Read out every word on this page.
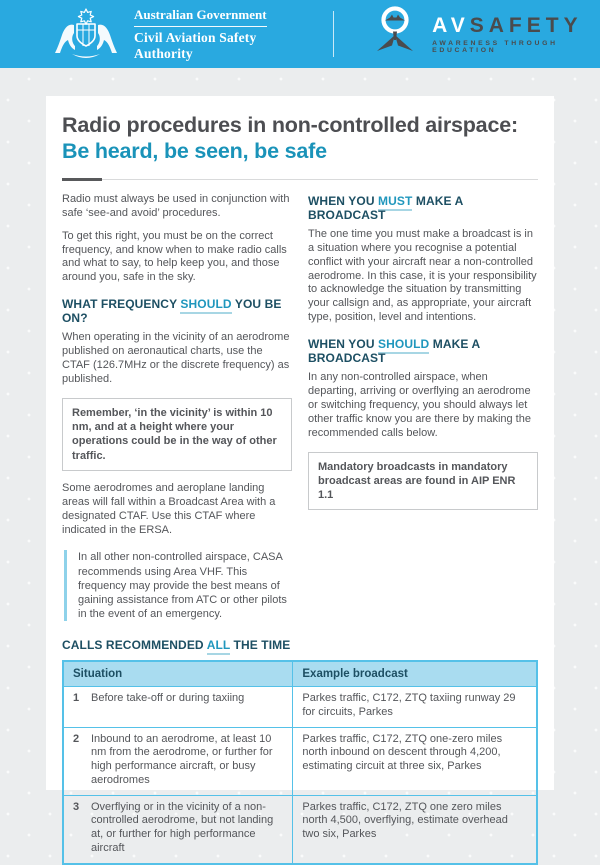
Australian Government
Civil Aviation Safety Authority
AVSAFETY
AWARENESS THROUGH EDUCATION
Radio procedures in non-controlled airspace: Be heard, be seen, be safe

Radio must always be used in conjunction with safe ‘see-and avoid’ procedures.

To get this right, you must be on the correct frequency, and know when to make radio calls and what to say, to help keep you, and those around you, safe in the sky.

WHAT FREQUENCY SHOULD YOU BE ON?

When operating in the vicinity of an aerodrome published on aeronautical charts, use the CTAF (126.7MHz or the discrete frequency) as published.

Remember, ‘in the vicinity’ is within 10 nm, and at a height where your operations could be in the way of other traffic.

Some aerodromes and aeroplane landing areas will fall within a Broadcast Area with a designated CTAF. Use this CTAF where indicated in the ERSA.

In all other non-controlled airspace, CASA recommends using Area VHF. This frequency may provide the best means of gaining assistance from ATC or other pilots in the event of an emergency.
WHEN YOU MUST MAKE A BROADCAST

The one time you must make a broadcast is in a situation where you recognise a potential conflict with your aircraft near a non-controlled aerodrome. In this case, it is your responsibility to acknowledge the situation by transmitting your callsign and, as appropriate, your aircraft type, position, level and intentions.

WHEN YOU SHOULD MAKE A BROADCAST

In any non-controlled airspace, when departing, arriving or overflying an aerodrome or switching frequency, you should always let other traffic know you are there by making the recommended calls below.

Mandatory broadcasts in mandatory broadcast areas are found in AIP ENR 1.1
CALLS RECOMMENDED ALL THE TIME
Situation	Example broadcast

1 Before take-off or during taxiing	Parkes traffic, C172, ZTQ taxiing runway 29 for circuits, Parkes

2 Inbound to an aerodrome, at least 10 nm from the aerodrome, or further for high performance aircraft, or busy aerodromes	Parkes traffic, C172, ZTQ one-zero miles north inbound on descent through 4,200, estimating circuit at three six, Parkes

3 Overflying or in the vicinity of a non-controlled aerodrome, but not landing at, or further for high performance aircraft	Parkes traffic, C172, ZTQ one zero miles north 4,500, overflying, estimate overhead two six, Parkes
